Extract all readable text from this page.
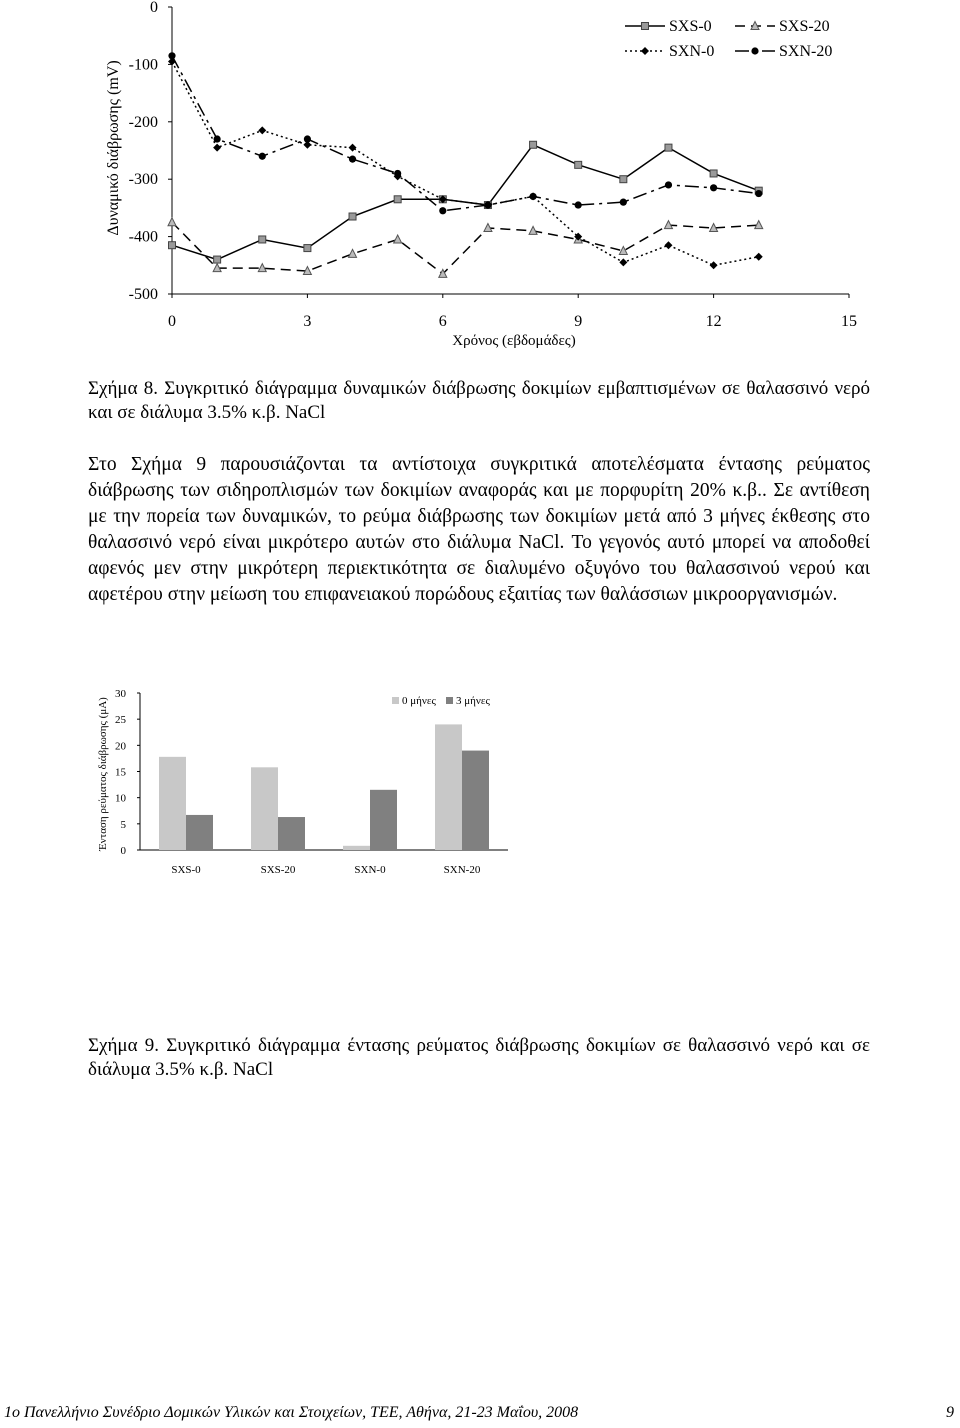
0
-100
-200
-300
-400
-500
0	3	6	9	12	15
Δυναμικό διάβρωσης (mV)
Χρόνος (εβδομάδες)
SXS-0	SXS-20
SXN-0	SXN-20
Σχήμα 8. Συγκριτικό διάγραμμα δυναμικών διάβρωσης δοκιμίων εμβαπτισμένων σε θαλασσινό νερό και σε διάλυμα 3.5% κ.β. NaCl
Στο Σχήμα 9 παρουσιάζονται τα αντίστοιχα συγκριτικά αποτελέσματα έντασης ρεύματος διάβρωσης των σιδηροπλισμών των δοκιμίων αναφοράς και με πορφυρίτη 20% κ.β.. Σε αντίθεση με την πορεία των δυναμικών, το ρεύμα διάβρωσης των δοκιμίων μετά από 3 μήνες έκθεσης στο θαλασσινό νερό είναι μικρότερο αυτών στο διάλυμα NaCl. Το γεγονός αυτό μπορεί να αποδοθεί αφενός μεν στην μικρότερη περιεκτικότητα σε διαλυμένο οξυγόνο του θαλασσινού νερού και αφετέρου στην μείωση του επιφανειακού πορώδους εξαιτίας των θαλάσσιων μικροοργανισμών.
0
5
10
15
20
25
30
SXS-0	SXS-20	SXN-0	SXN-20
0 μήνες 3 μήνες
Ένταση ρεύματος διάβρωσης (μΑ)
Σχήμα 9. Συγκριτικό διάγραμμα έντασης ρεύματος διάβρωσης δοκιμίων σε θαλασσινό νερό και σε διάλυμα 3.5% κ.β. NaCl
1ο Πανελλήνιο Συνέδριο Δομικών Υλικών και Στοιχείων, ΤΕΕ, Αθήνα, 21-23 Μαΐου, 2008	9
